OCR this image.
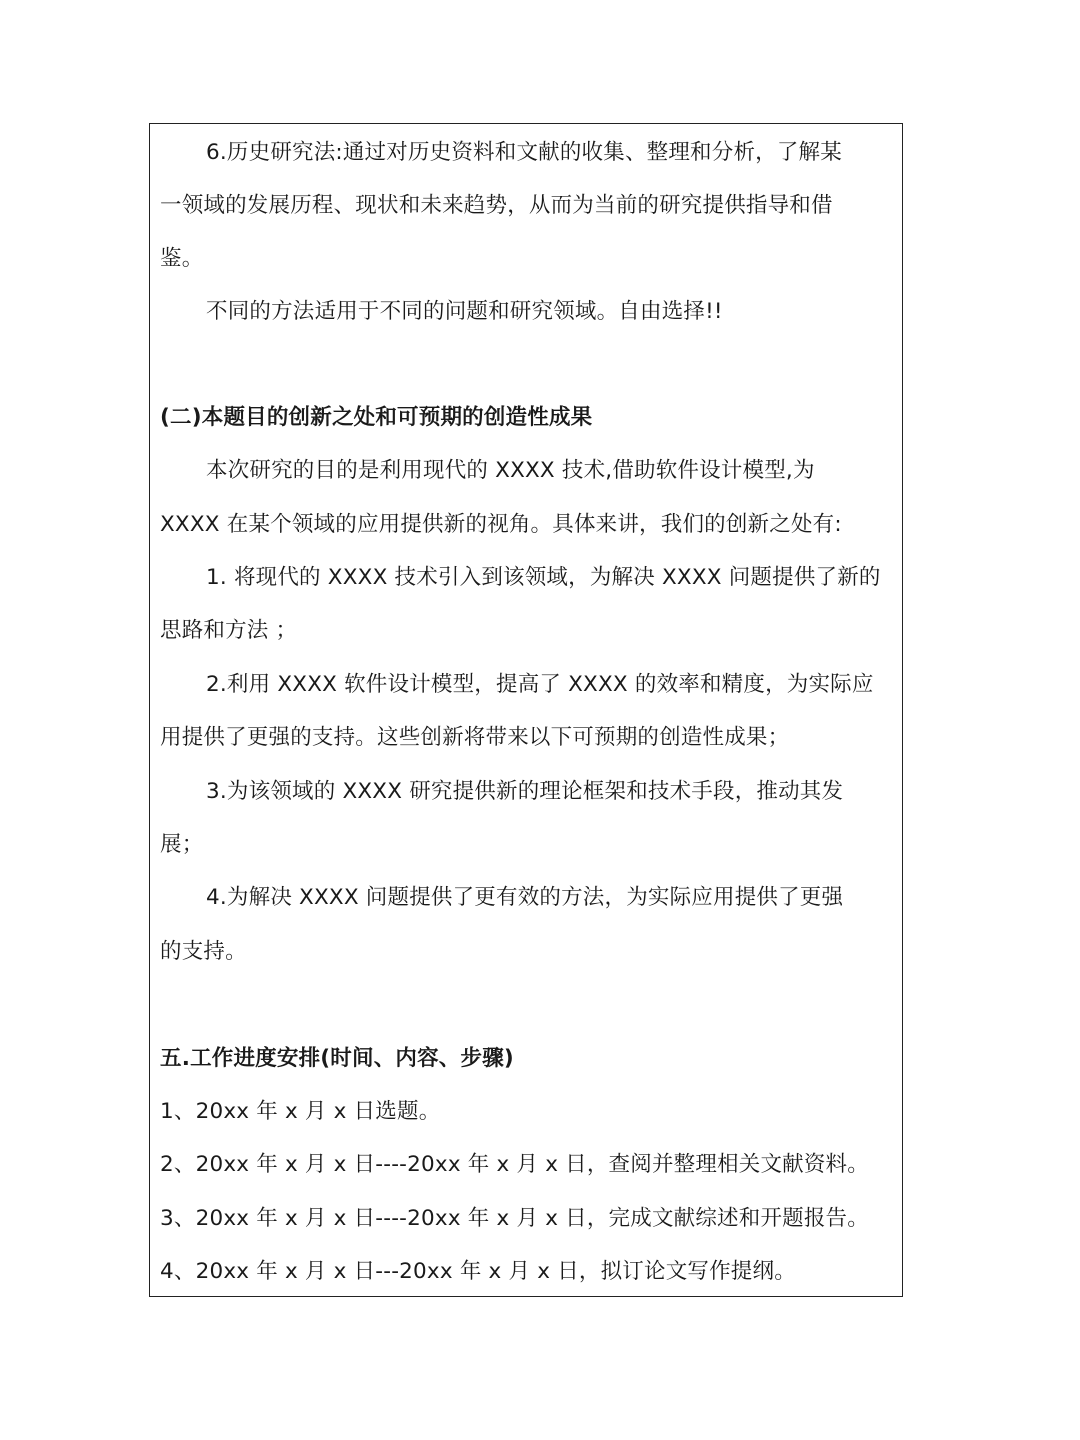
6.历史研究法:通过对历史资料和文献的收集、整理和分析，了解某
一领域的发展历程、现状和未来趋势，从而为当前的研究提供指导和借
鉴。
不同的方法适用于不同的问题和研究领域。自由选择!!
(二)本题目的创新之处和可预期的创造性成果
本次研究的目的是利用现代的 XXXX 技术,借助软件设计模型,为
XXXX 在某个领域的应用提供新的视角。具体来讲，我们的创新之处有:
1. 将现代的 XXXX 技术引入到该领域，为解决 XXXX 问题提供了新的
思路和方法 ；
2.利用 XXXX 软件设计模型，提高了 XXXX 的效率和精度，为实际应
用提供了更强的支持。这些创新将带来以下可预期的创造性成果；
3.为该领域的 XXXX 研究提供新的理论框架和技术手段，推动其发
展；
4.为解决 XXXX 问题提供了更有效的方法，为实际应用提供了更强
的支持。
五.工作进度安排(时间、内容、步骤)
1、20xx 年 x 月 x 日选题。
2、20xx 年 x 月 x 日----20xx 年 x 月 x 日，查阅并整理相关文献资料。
3、20xx 年 x 月 x 日----20xx 年 x 月 x 日，完成文献综述和开题报告。
4、20xx 年 x 月 x 日---20xx 年 x 月 x 日，拟订论文写作提纲。
